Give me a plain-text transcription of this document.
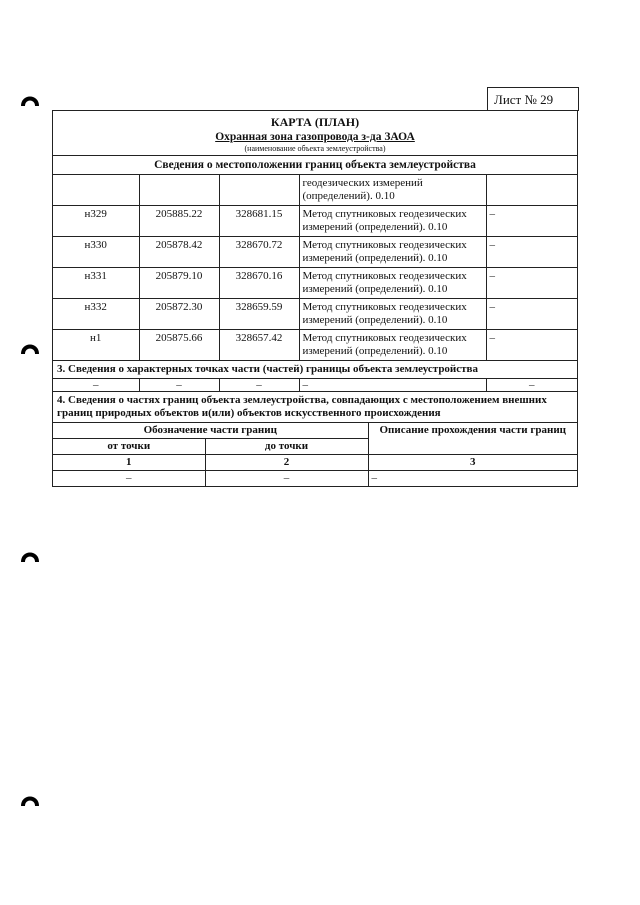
Лист № 29
КАРТА (ПЛАН)
Охранная зона газопровода з-да ЗАОА
(наименование объекта землеустройства)
Сведения о местоположении границ объекта землеустройства
			геодезических измерений (определений). 0.10	
н329	205885.22	328681.15	Метод спутниковых геодезических измерений (определений). 0.10	–
н330	205878.42	328670.72	Метод спутниковых геодезических измерений (определений). 0.10	–
н331	205879.10	328670.16	Метод спутниковых геодезических измерений (определений). 0.10	–
н332	205872.30	328659.59	Метод спутниковых геодезических измерений (определений). 0.10	–
н1	205875.66	328657.42	Метод спутниковых геодезических измерений (определений). 0.10	–
3. Сведения о характерных точках части (частей) границы объекта землеустройства
–	–	–	–	–
4. Сведения о частях границ объекта землеустройства, совпадающих с местоположением внешних границ природных объектов и(или) объектов искусственного происхождения
Обозначение части границ		Описание прохождения части границ
от точки	до точки	
1	2	3
–	–	–
